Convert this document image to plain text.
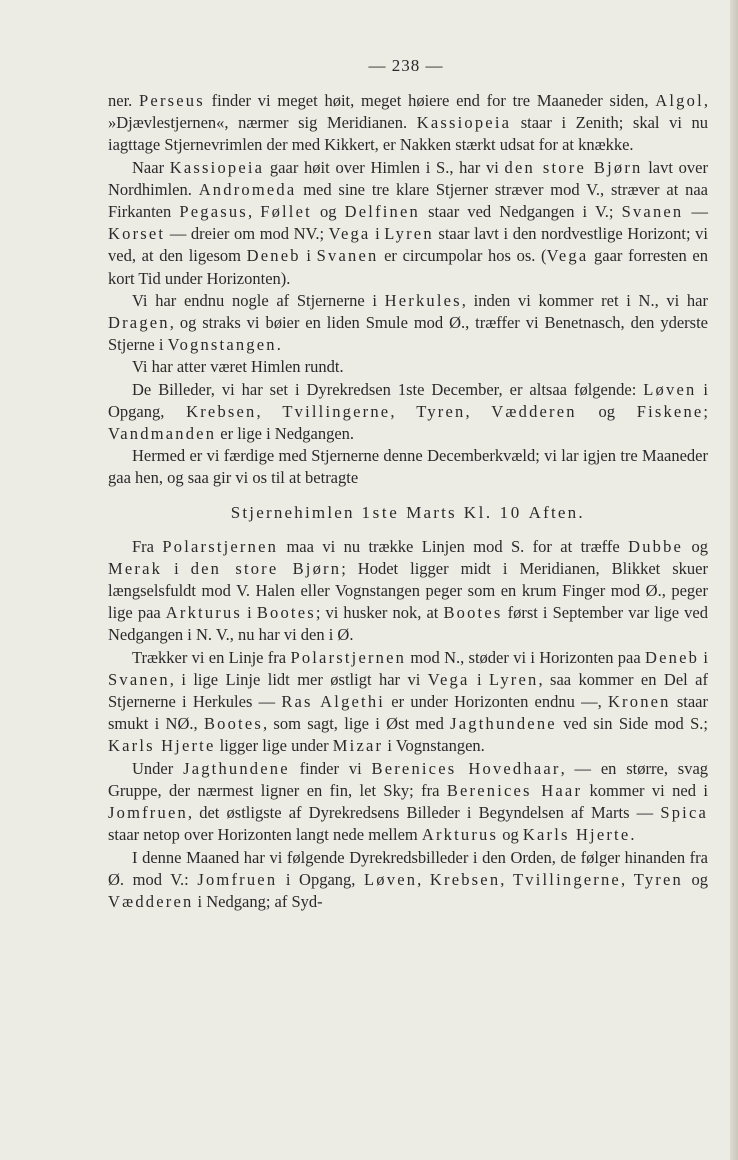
— 238 —

ner. Perseus finder vi meget høit, meget høiere end for tre Maaneder siden, Algol, »Djævlestjernen«, nærmer sig Meridianen. Kassiopeia staar i Zenith; skal vi nu iagttage Stjernevrimlen der med Kikkert, er Nakken stærkt udsat for at knække.

Naar Kassiopeia gaar høit over Himlen i S., har vi den store Bjørn lavt over Nordhimlen. Andromeda med sine tre klare Stjerner stræver mod V., stræver at naa Firkanten Pegasus, Føllet og Delfinen staar ved Nedgangen i V.; Svanen — Korset — dreier om mod NV.; Vega i Lyren staar lavt i den nordvestlige Horizont; vi ved, at den ligesom Deneb i Svanen er circumpolar hos os. (Vega gaar forresten en kort Tid under Horizonten).

Vi har endnu nogle af Stjernerne i Herkules, inden vi kommer ret i N., vi har Dragen, og straks vi bøier en liden Smule mod Ø., træffer vi Benetnasch, den yderste Stjerne i Vognstangen.

Vi har atter været Himlen rundt.

De Billeder, vi har set i Dyrekredsen 1ste December, er altsaa følgende: Løven i Opgang, Krebsen, Tvillingerne, Tyren, Vædderen og Fiskene; Vandmanden er lige i Nedgangen.

Hermed er vi færdige med Stjernerne denne Decemberkvæld; vi lar igjen tre Maaneder gaa hen, og saa gir vi os til at betragte

Stjernehimlen 1ste Marts Kl. 10 Aften.

Fra Polarstjernen maa vi nu trække Linjen mod S. for at træffe Dubbe og Merak i den store Bjørn; Hodet ligger midt i Meridianen, Blikket skuer længselsfuldt mod V. Halen eller Vognstangen peger som en krum Finger mod Ø., peger lige paa Arkturus i Bootes; vi husker nok, at Bootes først i September var lige ved Nedgangen i N. V., nu har vi den i Ø.

Trækker vi en Linje fra Polarstjernen mod N., støder vi i Horizonten paa Deneb i Svanen, i lige Linje lidt mer østligt har vi Vega i Lyren, saa kommer en Del af Stjernerne i Herkules — Ras Algethi er under Horizonten endnu —, Kronen staar smukt i NØ., Bootes, som sagt, lige i Øst med Jagthundene ved sin Side mod S.; Karls Hjerte ligger lige under Mizar i Vognstangen.

Under Jagthundene finder vi Berenices Hovedhaar, — en større, svag Gruppe, der nærmest ligner en fin, let Sky; fra Berenices Haar kommer vi ned i Jomfruen, det østligste af Dyrekredsens Billeder i Begyndelsen af Marts — Spica staar netop over Horizonten langt nede mellem Arkturus og Karls Hjerte.

I denne Maaned har vi følgende Dyrekredsbilleder i den Orden, de følger hinanden fra Ø. mod V.: Jomfruen i Opgang, Løven, Krebsen, Tvillingerne, Tyren og Vædderen i Nedgang; af Syd-
